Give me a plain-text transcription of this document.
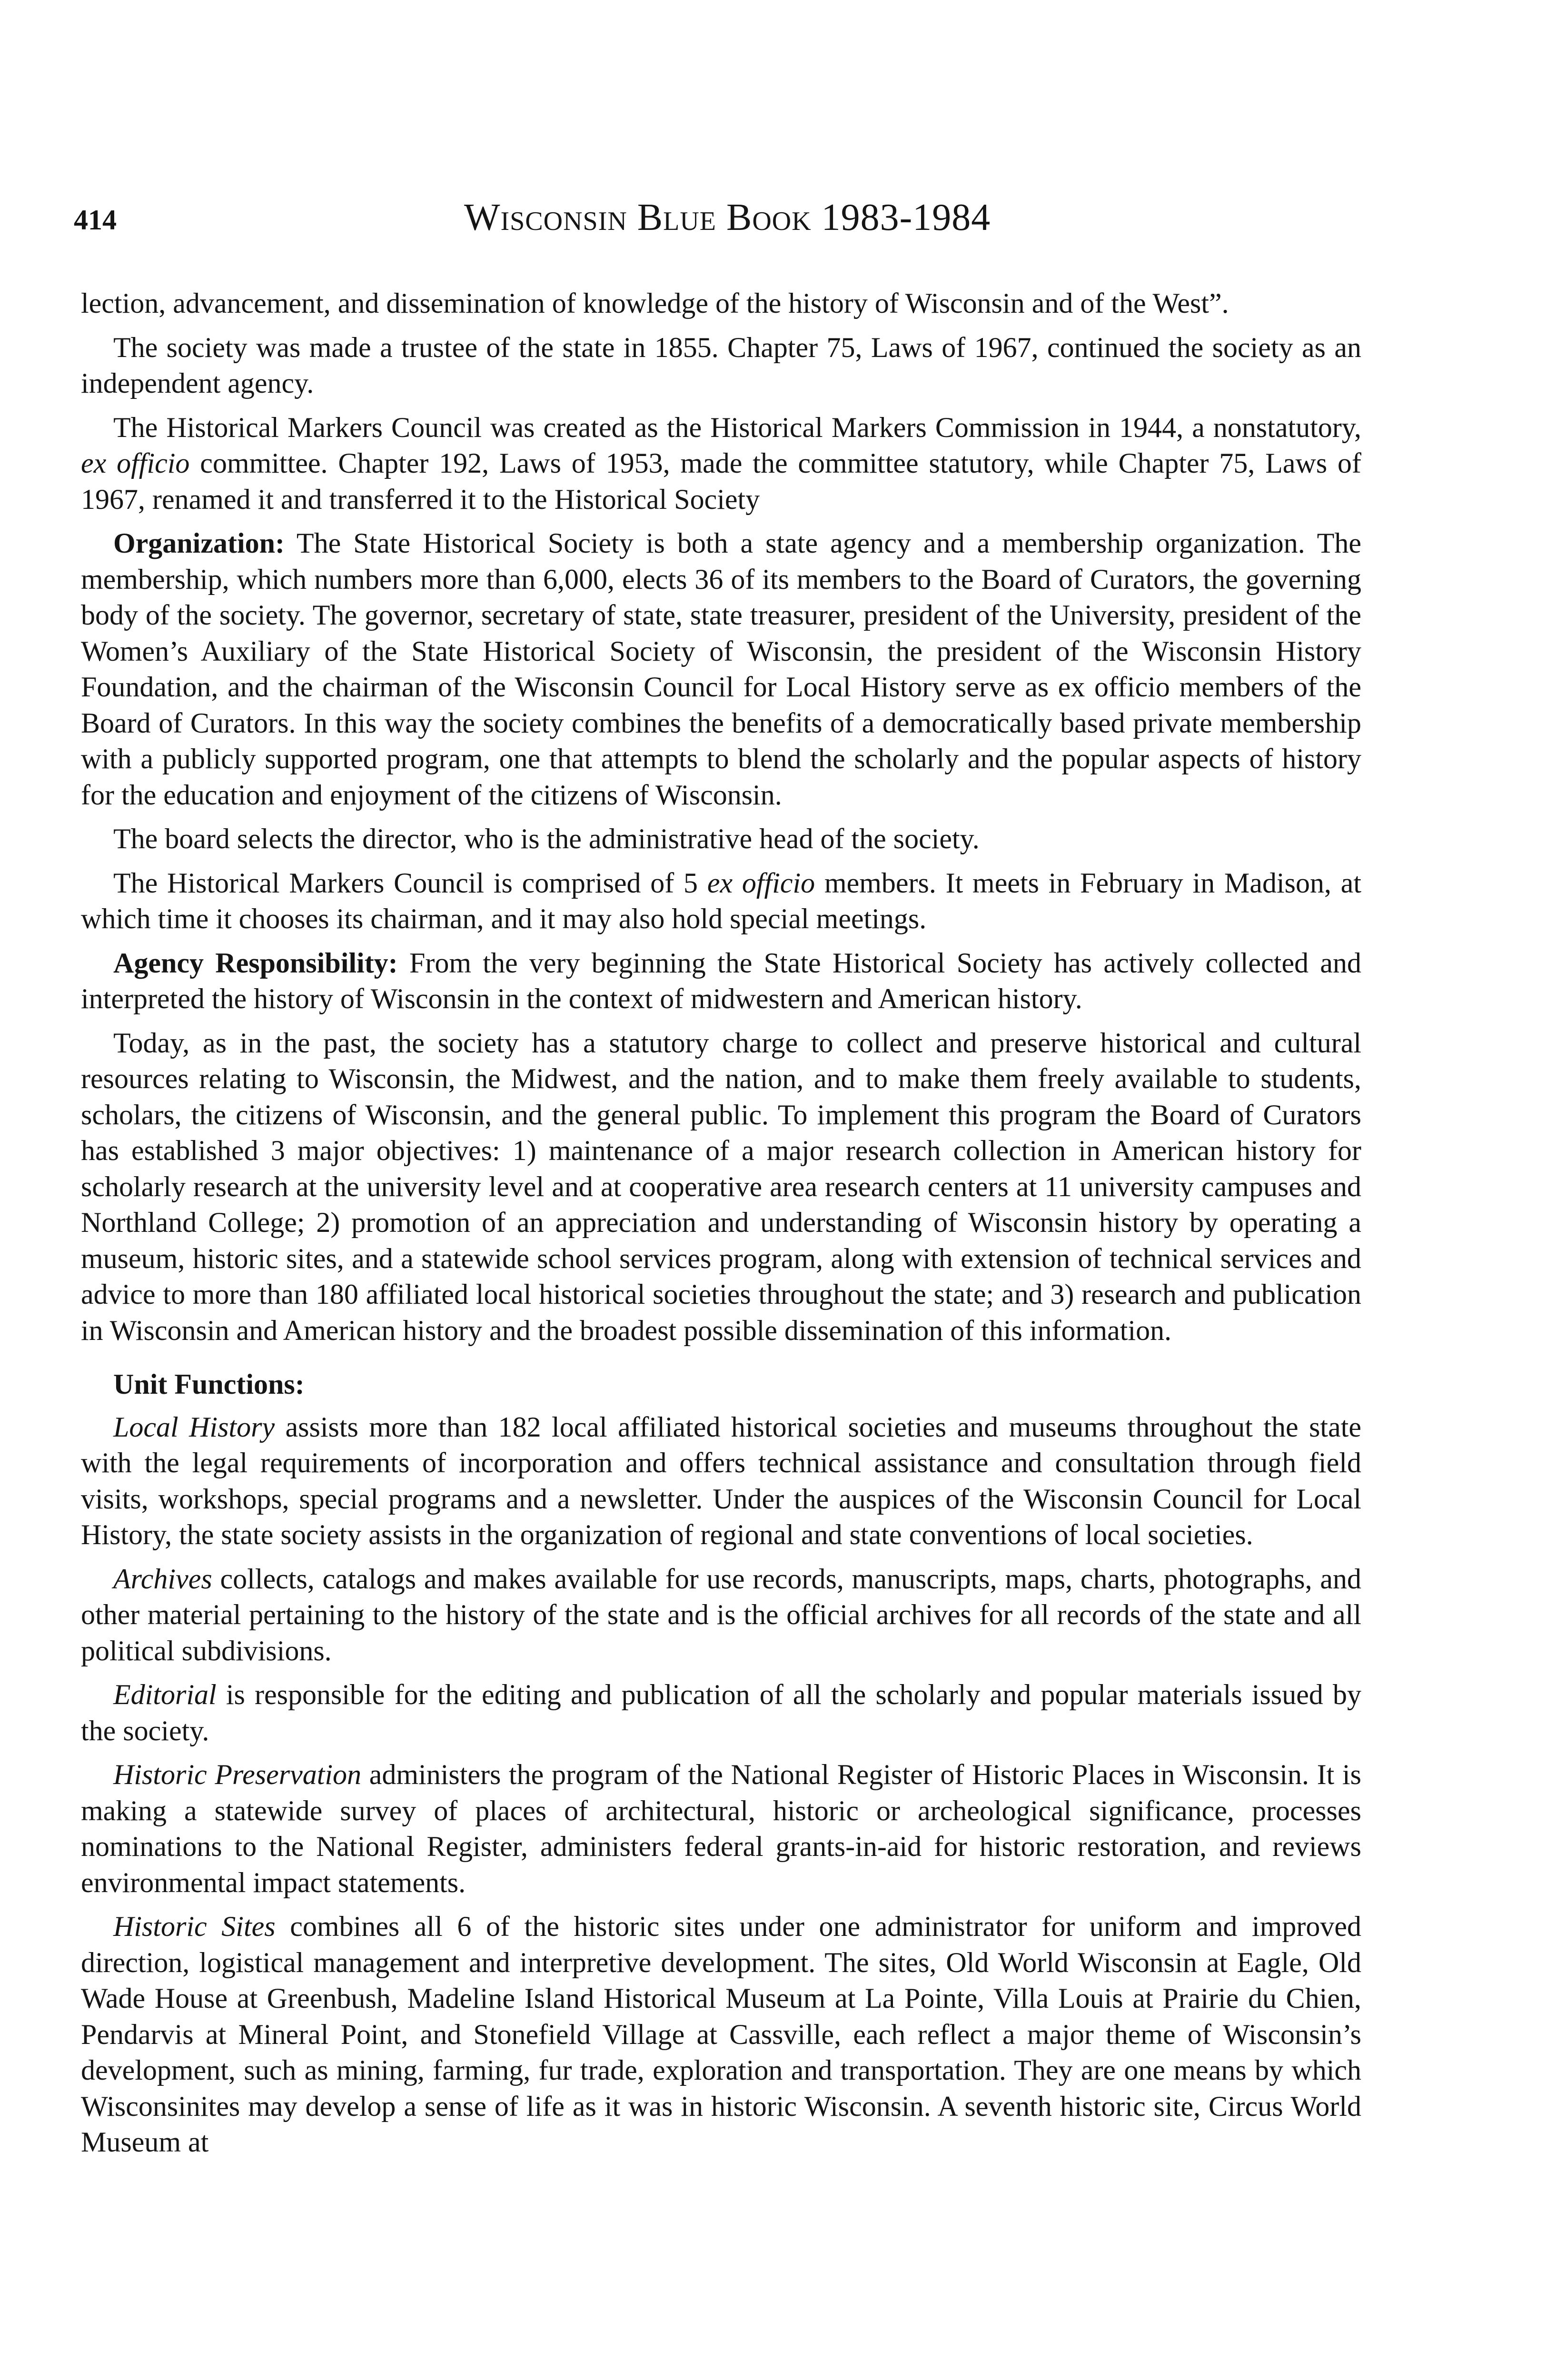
414	Wisconsin Blue Book 1983-1984

lection, advancement, and dissemination of knowledge of the history of Wisconsin and of the West”.

The society was made a trustee of the state in 1855. Chapter 75, Laws of 1967, continued the society as an independent agency.

The Historical Markers Council was created as the Historical Markers Commission in 1944, a nonstatutory, ex officio committee. Chapter 192, Laws of 1953, made the committee statutory, while Chapter 75, Laws of 1967, renamed it and transferred it to the Historical Society

Organization: The State Historical Society is both a state agency and a membership organization. The membership, which numbers more than 6,000, elects 36 of its members to the Board of Curators, the governing body of the society. The governor, secretary of state, state treasurer, president of the University, president of the Women’s Auxiliary of the State Historical Society of Wisconsin, the president of the Wisconsin History Foundation, and the chairman of the Wisconsin Council for Local History serve as ex officio members of the Board of Curators. In this way the society combines the benefits of a democratically based private membership with a publicly supported program, one that attempts to blend the scholarly and the popular aspects of history for the education and enjoyment of the citizens of Wisconsin.

The board selects the director, who is the administrative head of the society.

The Historical Markers Council is comprised of 5 ex officio members. It meets in February in Madison, at which time it chooses its chairman, and it may also hold special meetings.

Agency Responsibility: From the very beginning the State Historical Society has actively collected and interpreted the history of Wisconsin in the context of midwestern and American history.

Today, as in the past, the society has a statutory charge to collect and preserve historical and cultural resources relating to Wisconsin, the Midwest, and the nation, and to make them freely available to students, scholars, the citizens of Wisconsin, and the general public. To implement this program the Board of Curators has established 3 major objectives: 1) maintenance of a major research collection in American history for scholarly research at the university level and at cooperative area research centers at 11 university campuses and Northland College; 2) promotion of an appreciation and understanding of Wisconsin history by operating a museum, historic sites, and a statewide school services program, along with extension of technical services and advice to more than 180 affiliated local historical societies throughout the state; and 3) research and publication in Wisconsin and American history and the broadest possible dissemination of this information.

Unit Functions:

Local History assists more than 182 local affiliated historical societies and museums throughout the state with the legal requirements of incorporation and offers technical assistance and consultation through field visits, workshops, special programs and a newsletter. Under the auspices of the Wisconsin Council for Local History, the state society assists in the organization of regional and state conventions of local societies.

Archives collects, catalogs and makes available for use records, manuscripts, maps, charts, photographs, and other material pertaining to the history of the state and is the official archives for all records of the state and all political subdivisions.

Editorial is responsible for the editing and publication of all the scholarly and popular materials issued by the society.

Historic Preservation administers the program of the National Register of Historic Places in Wisconsin. It is making a statewide survey of places of architectural, historic or archeological significance, processes nominations to the National Register, administers federal grants-in-aid for historic restoration, and reviews environmental impact statements.

Historic Sites combines all 6 of the historic sites under one administrator for uniform and improved direction, logistical management and interpretive development. The sites, Old World Wisconsin at Eagle, Old Wade House at Greenbush, Madeline Island Historical Museum at La Pointe, Villa Louis at Prairie du Chien, Pendarvis at Mineral Point, and Stonefield Village at Cassville, each reflect a major theme of Wisconsin’s development, such as mining, farming, fur trade, exploration and transportation. They are one means by which Wisconsinites may develop a sense of life as it was in historic Wisconsin. A seventh historic site, Circus World Museum at
